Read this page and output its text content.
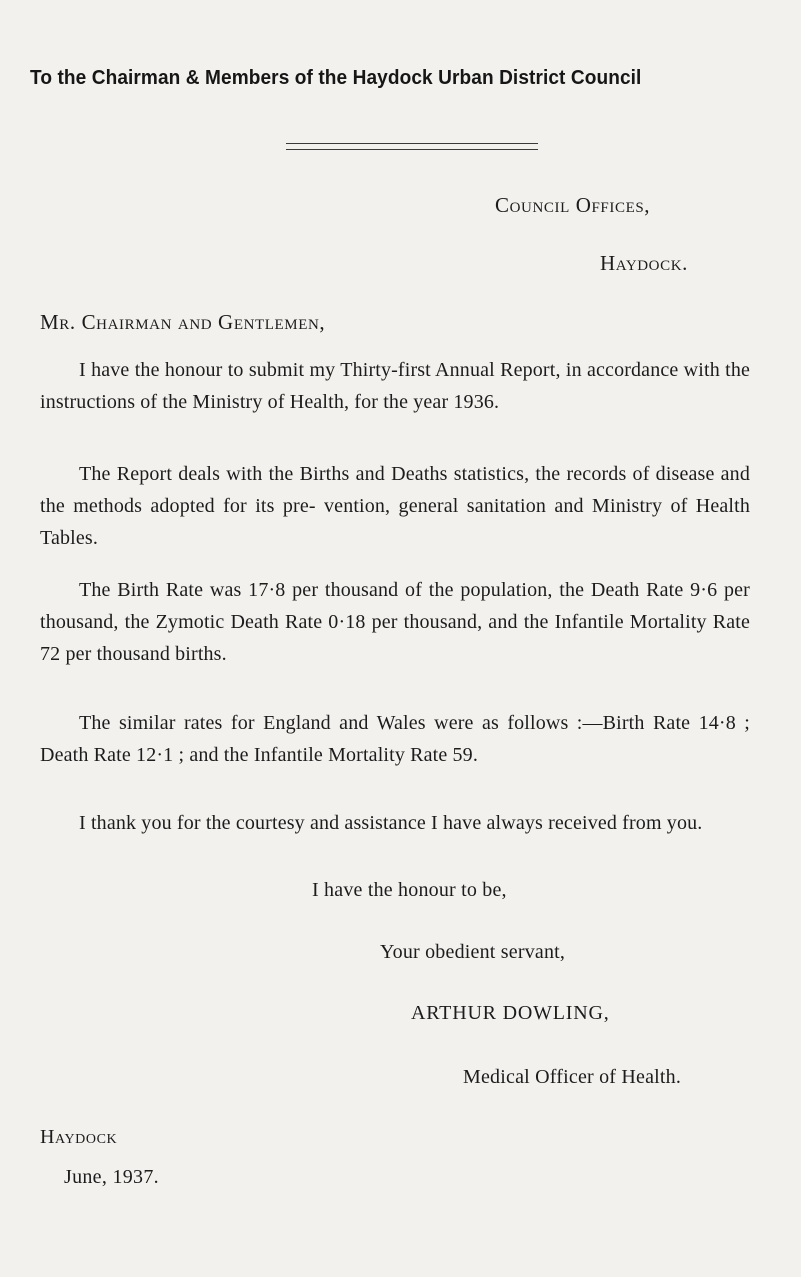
To the Chairman & Members of the Haydock Urban District Council
Council Offices,
Haydock.
Mr. Chairman and Gentlemen,

I have the honour to submit my Thirty-first Annual Report, in accordance with the instructions of the Ministry of Health, for the year 1936.

The Report deals with the Births and Deaths statistics, the records of disease and the methods adopted for its pre- vention, general sanitation and Ministry of Health Tables.

The Birth Rate was 17·8 per thousand of the population, the Death Rate 9·6 per thousand, the Zymotic Death Rate 0·18 per thousand, and the Infantile Mortality Rate 72 per thousand births.

The similar rates for England and Wales were as follows :—Birth Rate 14·8 ; Death Rate 12·1 ; and the Infantile Mortality Rate 59.

I thank you for the courtesy and assistance I have always received from you.

I have the honour to be,
Your obedient servant,
ARTHUR DOWLING,
Medical Officer of Health.
Haydock
June, 1937.
